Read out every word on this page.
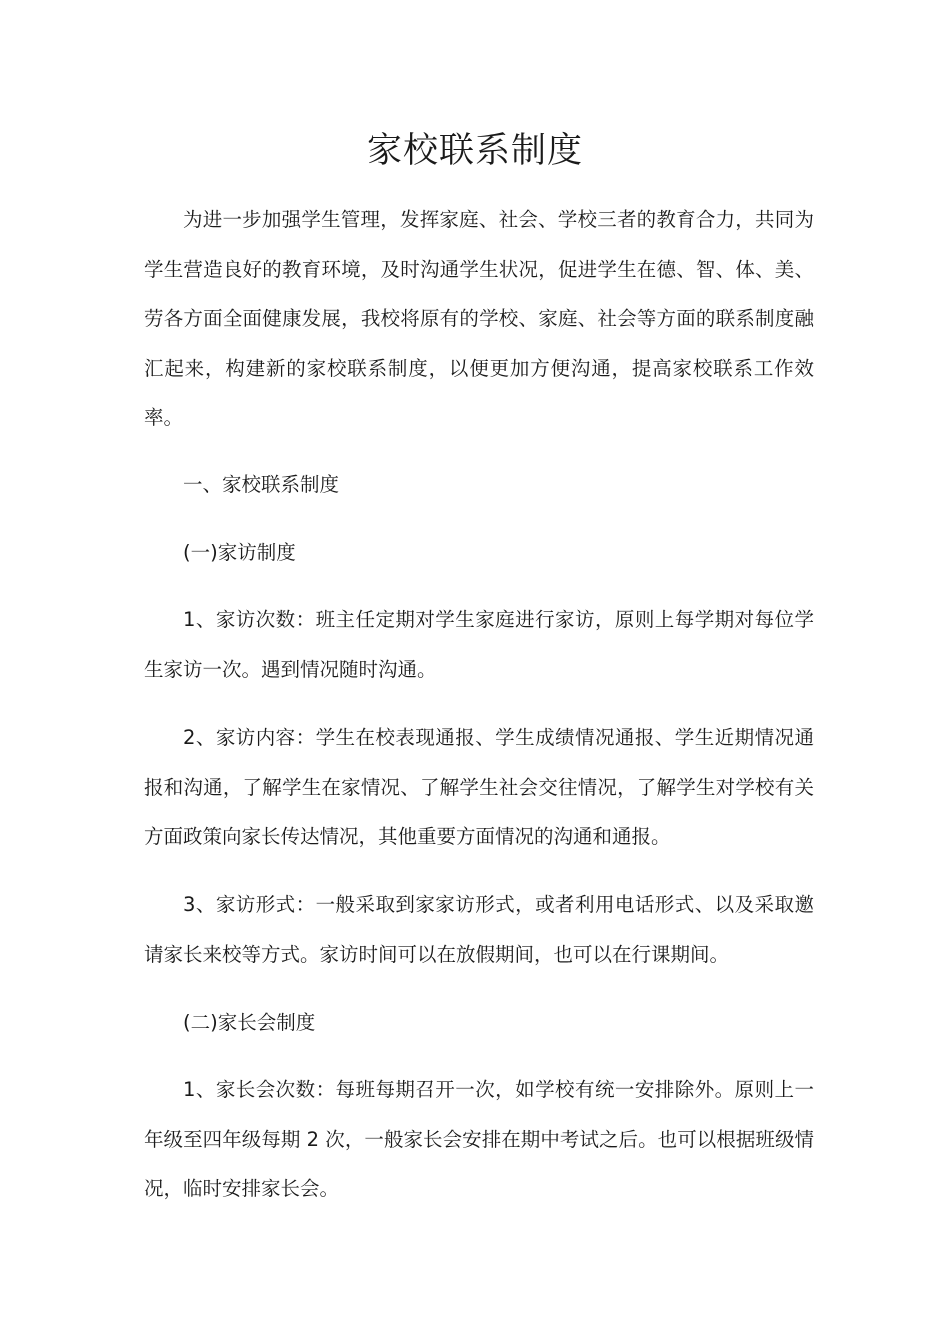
家校联系制度

为进一步加强学生管理，发挥家庭、社会、学校三者的教育合力，共同为学生营造良好的教育环境，及时沟通学生状况，促进学生在德、智、体、美、劳各方面全面健康发展，我校将原有的学校、家庭、社会等方面的联系制度融汇起来，构建新的家校联系制度，以便更加方便沟通，提高家校联系工作效率。

一、家校联系制度

(一)家访制度

1、家访次数：班主任定期对学生家庭进行家访，原则上每学期对每位学生家访一次。遇到情况随时沟通。

2、家访内容：学生在校表现通报、学生成绩情况通报、学生近期情况通报和沟通，了解学生在家情况、了解学生社会交往情况，了解学生对学校有关方面政策向家长传达情况，其他重要方面情况的沟通和通报。

3、家访形式：一般采取到家家访形式，或者利用电话形式、以及采取邀请家长来校等方式。家访时间可以在放假期间，也可以在行课期间。

(二)家长会制度

1、家长会次数：每班每期召开一次，如学校有统一安排除外。原则上一年级至四年级每期 2 次，一般家长会安排在期中考试之后。也可以根据班级情况，临时安排家长会。
